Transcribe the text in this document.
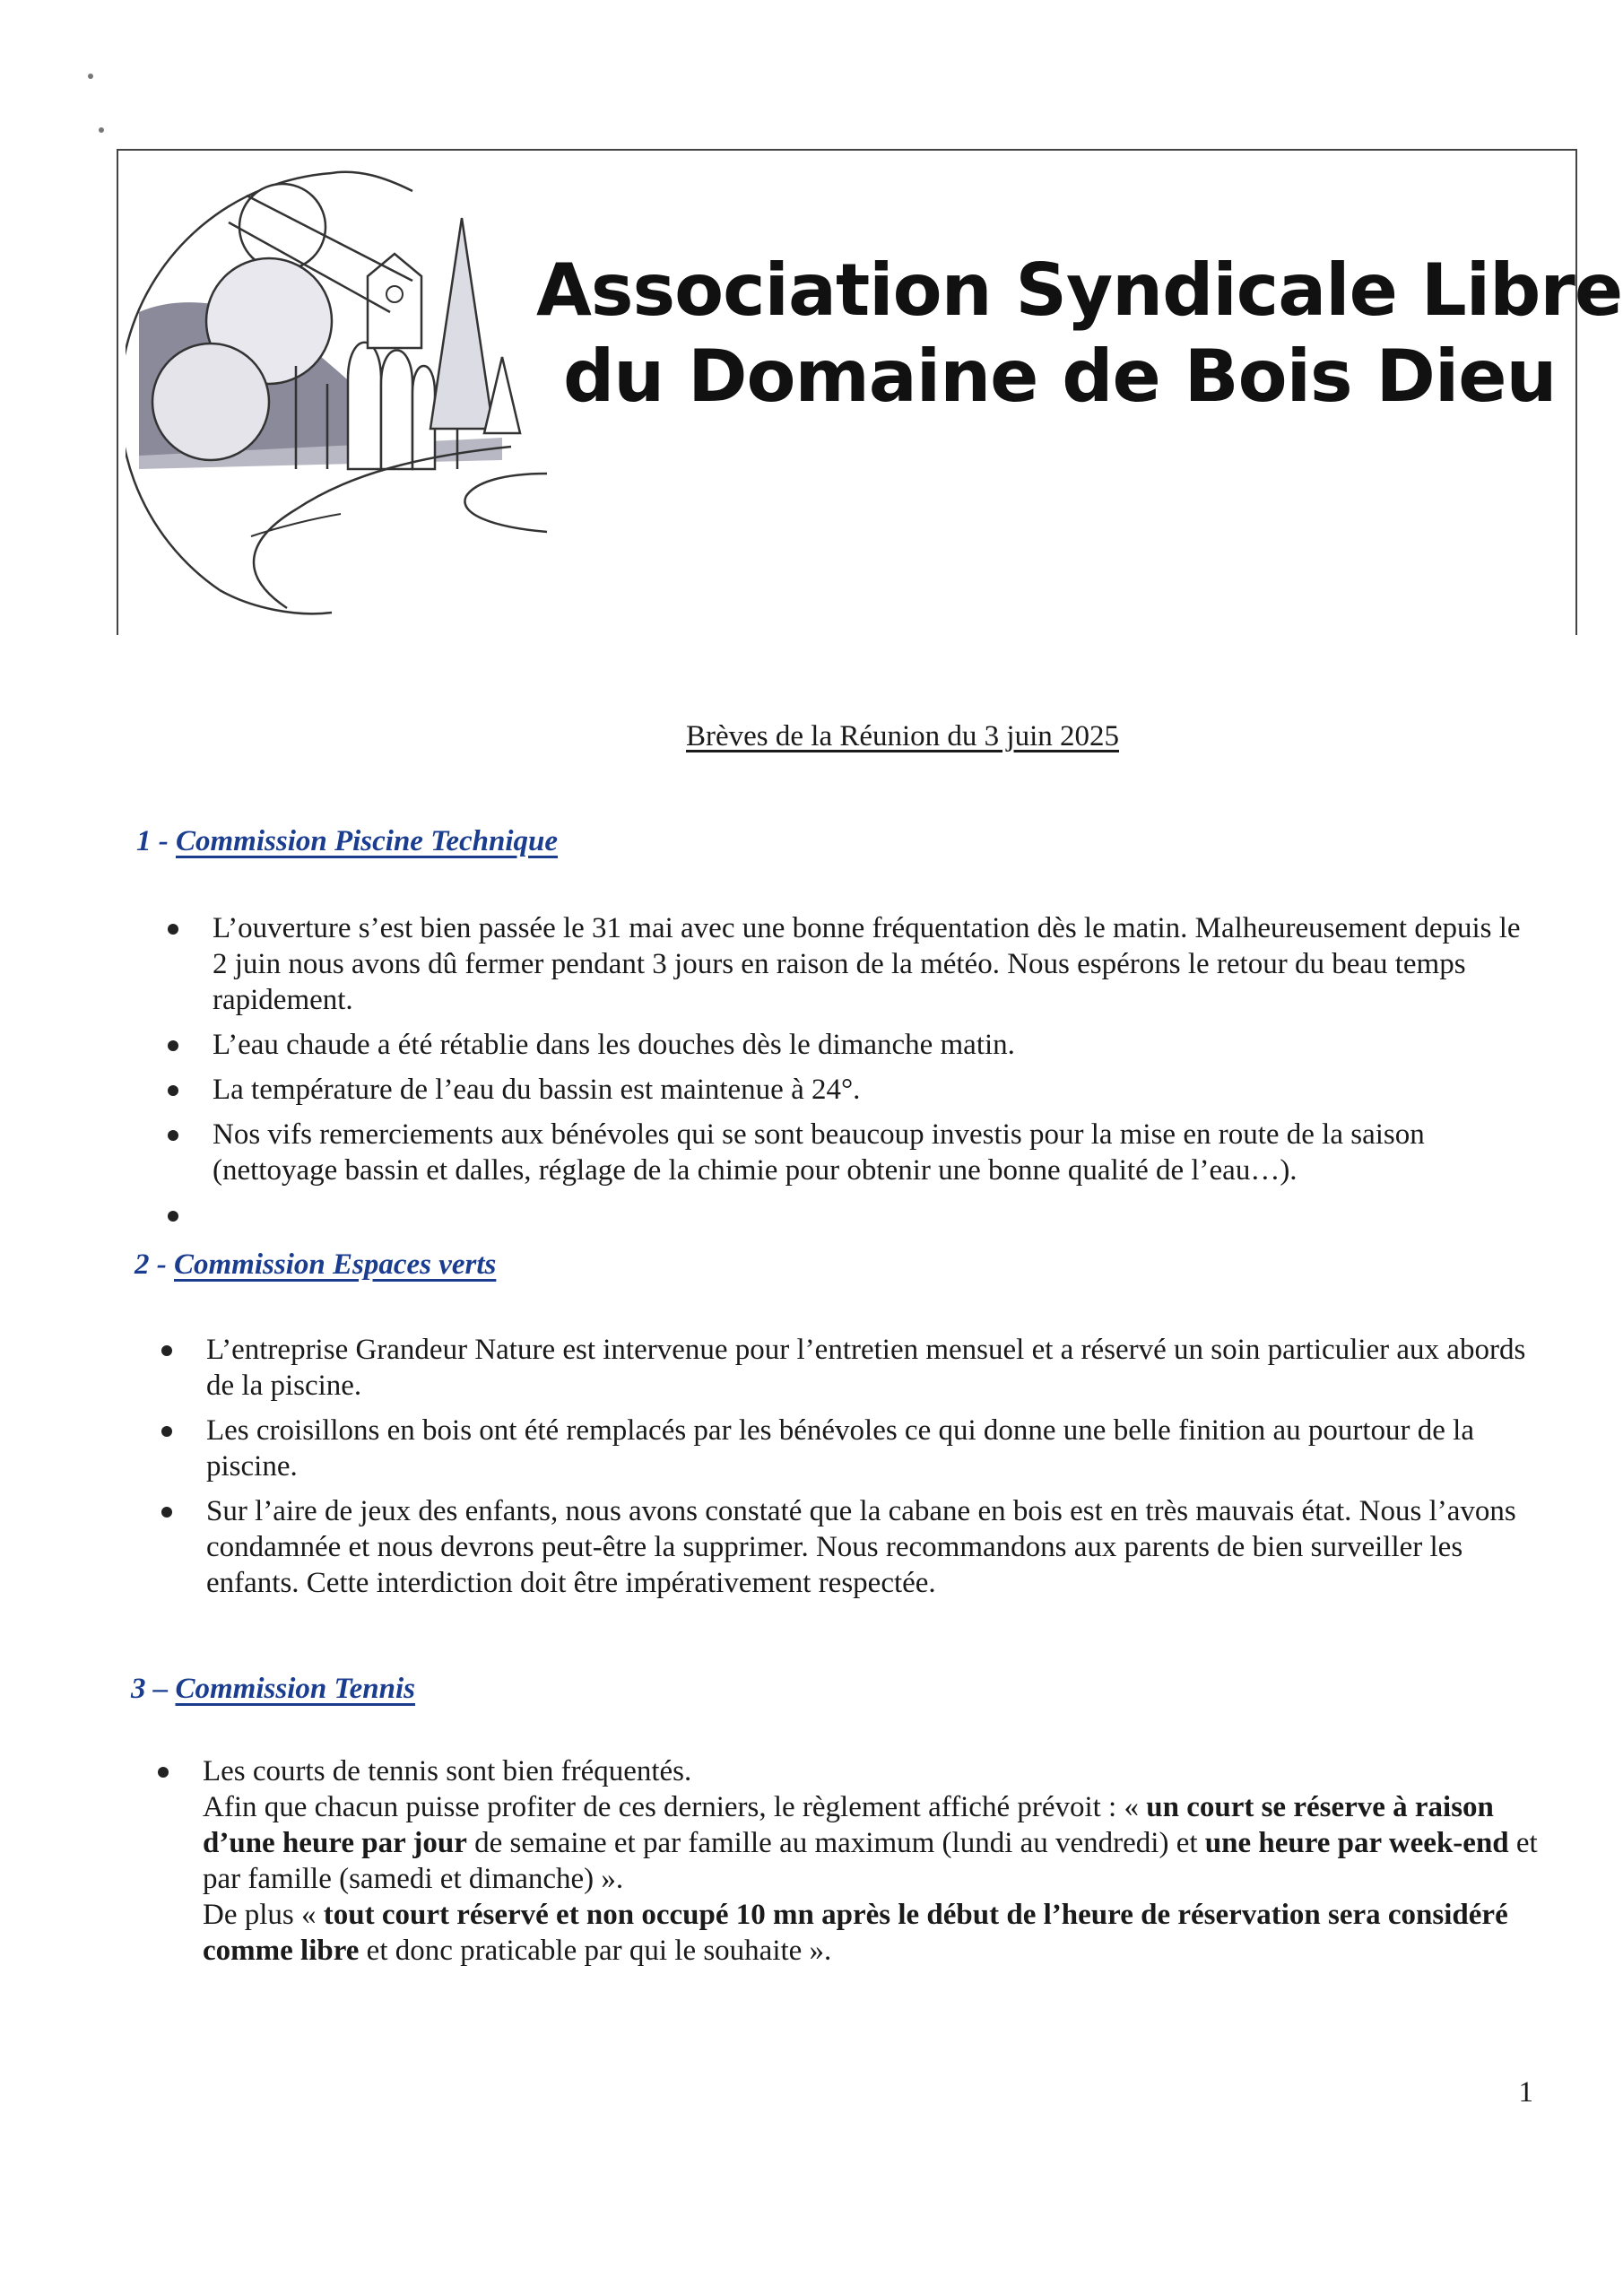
Association Syndicale Libre
du Domaine de Bois Dieu
Brèves de la Réunion du 3 juin 2025
1 - Commission Piscine Technique

L’ouverture s’est bien passée le 31 mai avec une bonne fréquentation dès le matin. Malheureusement depuis le 2 juin nous avons dû fermer pendant 3 jours en raison de la météo. Nous espérons le retour du beau temps rapidement.

L’eau chaude a été rétablie dans les douches dès le dimanche matin.

La température de l’eau du bassin est maintenue à 24°.

Nos vifs remerciements aux bénévoles qui se sont beaucoup investis pour la mise en route de la saison (nettoyage bassin et dalles, réglage de la chimie pour obtenir une bonne qualité de l’eau…).

2 - Commission Espaces verts

L’entreprise Grandeur Nature est intervenue pour l’entretien mensuel et a réservé un soin particulier aux abords de la piscine.

Les croisillons en bois ont été remplacés par les bénévoles ce qui donne une belle finition au pourtour de la piscine.

Sur l’aire de jeux des enfants, nous avons constaté que la cabane en bois est en très mauvais état. Nous l’avons condamnée et nous devrons peut-être la supprimer. Nous recommandons aux parents de bien surveiller les enfants. Cette interdiction doit être impérativement respectée.

3 – Commission Tennis

Les courts de tennis sont bien fréquentés.

Afin que chacun puisse profiter de ces derniers, le règlement affiché prévoit : « un court se réserve à raison d’une heure par jour de semaine et par famille au maximum (lundi au vendredi) et une heure par week-end et par famille (samedi et dimanche) ».

De plus « tout court réservé et non occupé 10 mn après le début de l’heure de réservation sera considéré comme libre et donc praticable par qui le souhaite ».

1
